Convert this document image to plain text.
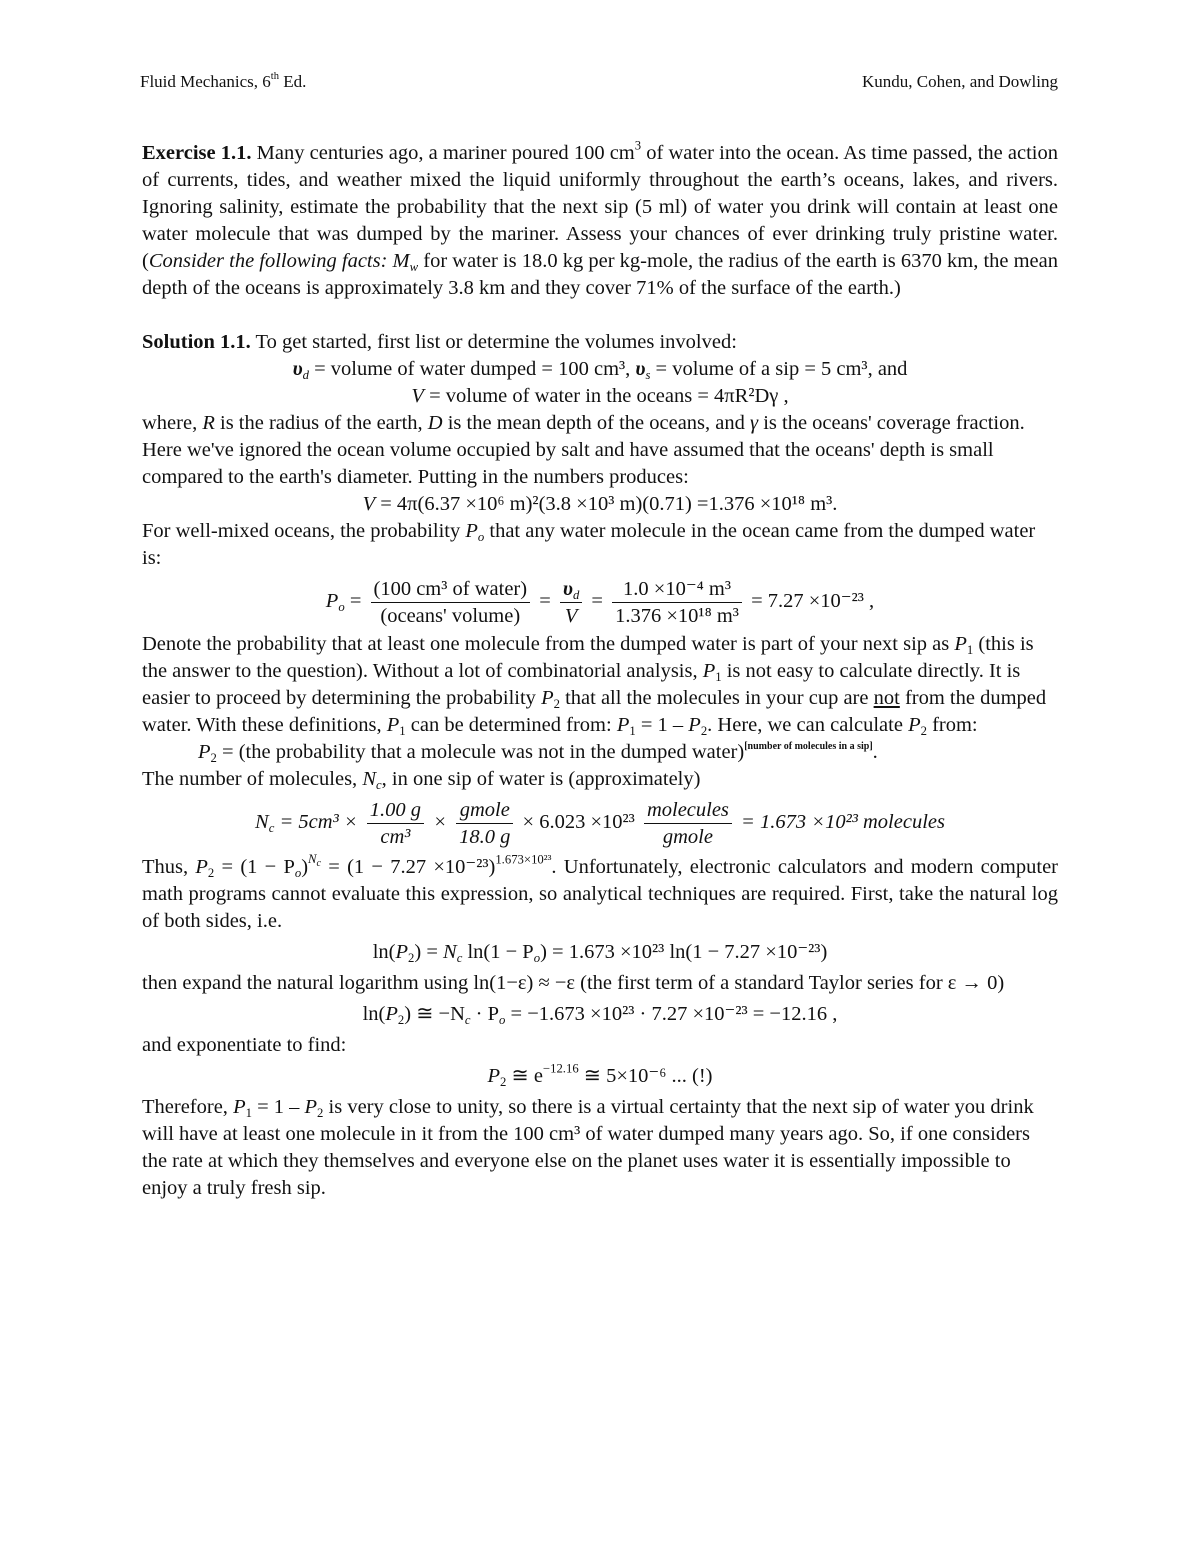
Fluid Mechanics, 6th Ed.	Kundu, Cohen, and Dowling

Exercise 1.1. Many centuries ago, a mariner poured 100 $cm^3$ of water into the ocean. As time passed, the action of currents, tides, and weather mixed the liquid uniformly throughout the earth’s oceans, lakes, and rivers. Ignoring salinity, estimate the probability that the next sip (5 ml) of water you drink will contain at least one water molecule that was dumped by the mariner. Assess your chances of ever drinking truly pristine water. (Consider the following facts: $M_w$ for water is 18.0 kg per kg-mole, the radius of the earth is 6370 km, the mean depth of the oceans is approximately 3.8 km and they cover 71% of the surface of the earth.)

Solution 1.1. To get started, first list or determine the volumes involved:

$\upsilon_d$ = volume of water dumped = 100 cm³, $\upsilon_s$ = volume of a sip = 5 cm³, and

V = volume of water in the oceans = 4πR²Dγ ,

where, R is the radius of the earth, D is the mean depth of the oceans, and γ is the oceans' coverage fraction. Here we've ignored the ocean volume occupied by salt and have assumed that the oceans' depth is small compared to the earth's diameter. Putting in the numbers produces:

V = 4π(6.37 ×10⁶ m)²(3.8 ×10³ m)(0.71) =1.376 ×10¹⁸ m³.

For well-mixed oceans, the probability $P_o$ that any water molecule in the ocean came from the dumped water is:

$P_o = \frac{\text{(100 cm³ of water)}}{\text{(oceans' volume)}} = \frac{\upsilon_d}{V} = \frac{\text{1.0 ×10⁻⁴ m³}}{\text{1.376 ×10¹⁸ m³}} = 7.27 \times 10^{-23}$ ,

Denote the probability that at least one molecule from the dumped water is part of your next sip as $P_1$ (this is the answer to the question). Without a lot of combinatorial analysis, $P_1$ is not easy to calculate directly. It is easier to proceed by determining the probability $P_2$ that all the molecules in your cup are not from the dumped water. With these definitions, $P_1$ can be determined from: $P_1 = 1 - P_2$. Here, we can calculate $P_2$ from:

$P_2 = (the$ probability that a molecule was not in the dumped water)[number of molecules in a sip].

The number of molecules, $N_c$, in one sip of water is (approximately)

$N_c = 5cm^3 \times \frac{1.00 g}{\text{cm³}} \times \frac{\text{gmole}}{18.0 g} \times 6.023 \times 10^{23} \frac{\text{molecules}}{\text{gmole}} = 1.673 \times 10^{23}$ molecules

Thus, $P_2 = (1 - P_o)^{N_c} = (1 - 7.27 \times 10^{-23})^{1.673\times 10^{23}}$. Unfortunately, electronic calculators and modern computer math programs cannot evaluate this expression, so analytical techniques are required. First, take the natural log of both sides, i.e.

$\ln(P_2) = N_c$ $\ln(1 - P_o) = 1.673 \times 10^{23}$ ln(1 − 7.27 ×10⁻²³)

then expand the natural logarithm using ln(1−ε) ≈ −ε (the first term of a standard Taylor series for ε → 0)

$\ln(P_2)$ ≅ $-N_c \cdot P_o = -1.673 \times 10^{23} \cdot 7.27 \times 10^{-23} = -12.16$ ,

and exponentiate to find:

$P_2$ ≅ $e^{-12.16}$ ≅ 5×10⁻⁶ ... (!)

Therefore, $P_1 = 1 - P_2$ is very close to unity, so there is a virtual certainty that the next sip of water you drink will have at least one molecule in it from the 100 cm³ of water dumped many years ago. So, if one considers the rate at which they themselves and everyone else on the planet uses water it is essentially impossible to enjoy a truly fresh sip.
